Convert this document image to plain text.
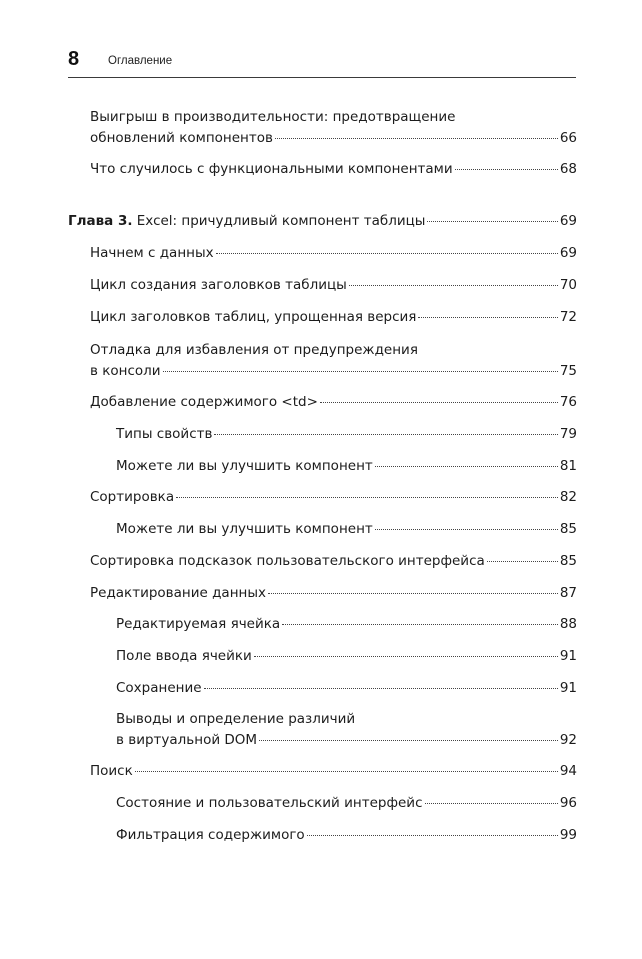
8	Оглавление
Выигрыш в производительности: предотвращение
обновлений компонентов	66
Что случилось с функциональными компонентами	68
Глава 3. Excel: причудливый компонент таблицы	69
Начнем с данных	69
Цикл создания заголовков таблицы	70
Цикл заголовков таблиц, упрощенная версия	72
Отладка для избавления от предупреждения
в консоли	75
Добавление содержимого <td>	76
Типы свойств	79
Можете ли вы улучшить компонент	81
Сортировка	82
Можете ли вы улучшить компонент	85
Сортировка подсказок пользовательского интерфейса	85
Редактирование данных	87
Редактируемая ячейка	88
Поле ввода ячейки	91
Сохранение	91
Выводы и определение различий
в виртуальной DOM	92
Поиск	94
Состояние и пользовательский интерфейс	96
Фильтрация содержимого	99
